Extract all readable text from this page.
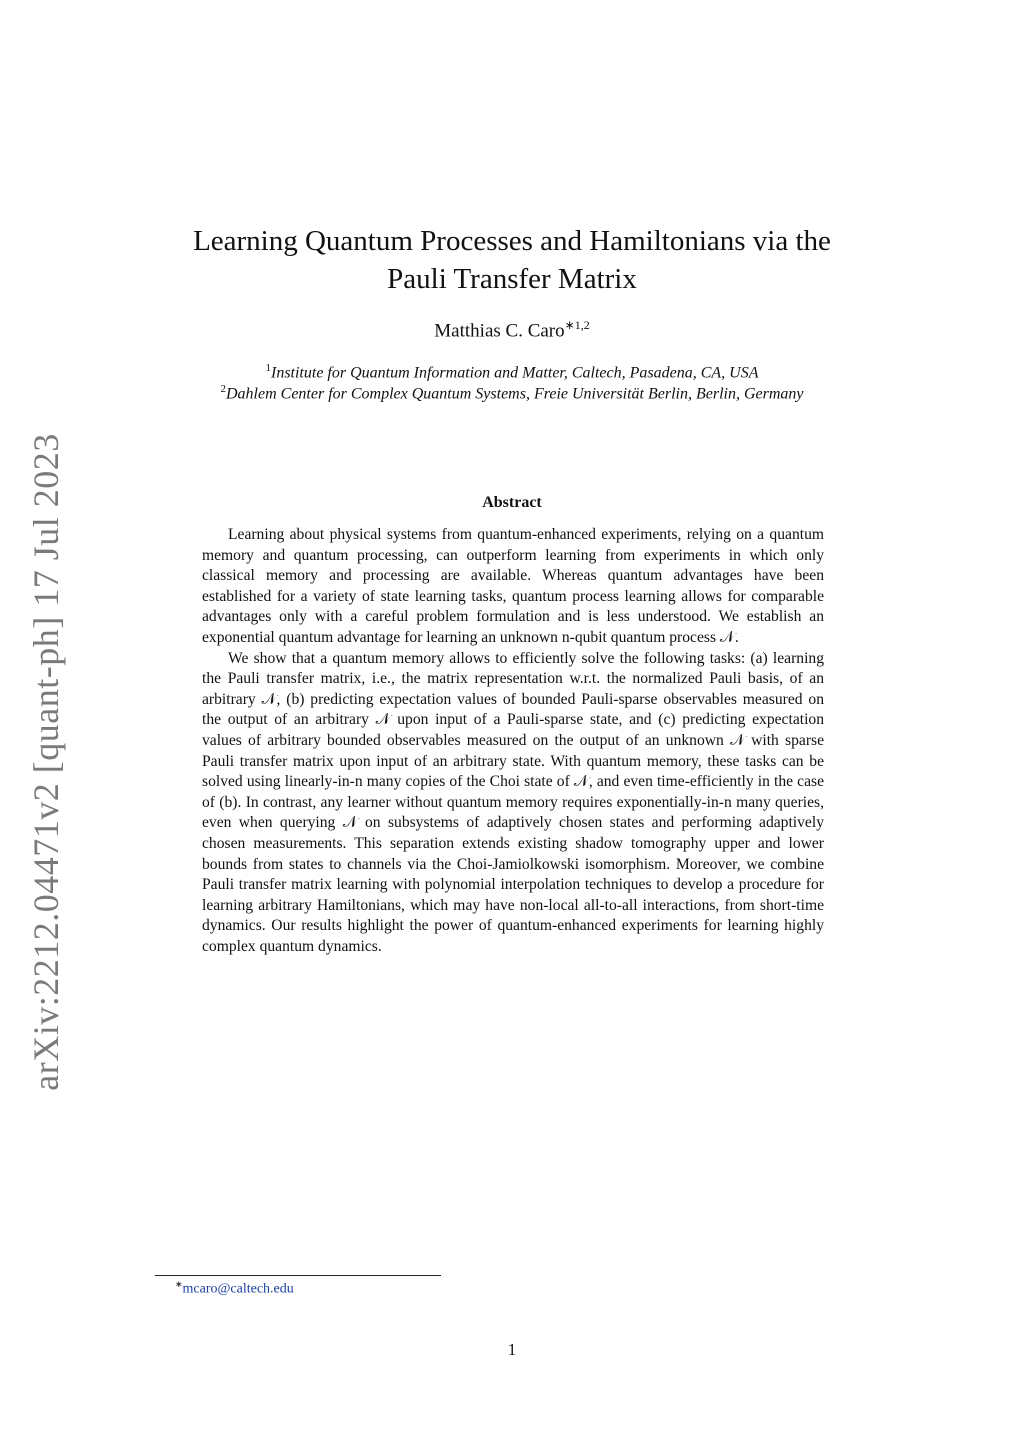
arXiv:2212.04471v2 [quant-ph] 17 Jul 2023
Learning Quantum Processes and Hamiltonians via the
Pauli Transfer Matrix
Matthias C. Caro$^{∗1,2}$
$^1$Institute for Quantum Information and Matter, Caltech, Pasadena, CA, USA
$^2$Dahlem Center for Complex Quantum Systems, Freie Universität Berlin, Berlin, Germany
Abstract

Learning about physical systems from quantum-enhanced experiments, relying on a quantum memory and quantum processing, can outperform learning from experiments in which only classical memory and processing are available. Whereas quantum advantages have been established for a variety of state learning tasks, quantum process learning allows for comparable advantages only with a careful problem formulation and is less understood. We establish an exponential quantum advantage for learning an unknown n-qubit quantum process 𝒩.

We show that a quantum memory allows to efficiently solve the following tasks: (a) learning the Pauli transfer matrix, i.e., the matrix representation w.r.t. the normalized Pauli basis, of an arbitrary 𝒩, (b) predicting expectation values of bounded Pauli-sparse observables measured on the output of an arbitrary 𝒩 upon input of a Pauli-sparse state, and (c) predicting expectation values of arbitrary bounded observables measured on the output of an unknown 𝒩 with sparse Pauli transfer matrix upon input of an arbitrary state. With quantum memory, these tasks can be solved using linearly-in-n many copies of the Choi state of 𝒩, and even time-efficiently in the case of (b). In contrast, any learner without quantum memory requires exponentially-in-n many queries, even when querying 𝒩 on subsystems of adaptively chosen states and performing adaptively chosen measurements. This separation extends existing shadow tomography upper and lower bounds from states to channels via the Choi-Jamiolkowski isomorphism. Moreover, we combine Pauli transfer matrix learning with polynomial interpolation techniques to develop a procedure for learning arbitrary Hamiltonians, which may have non-local all-to-all interactions, from short-time dynamics. Our results highlight the power of quantum-enhanced experiments for learning highly complex quantum dynamics.

∗mcaro@caltech.edu
1
